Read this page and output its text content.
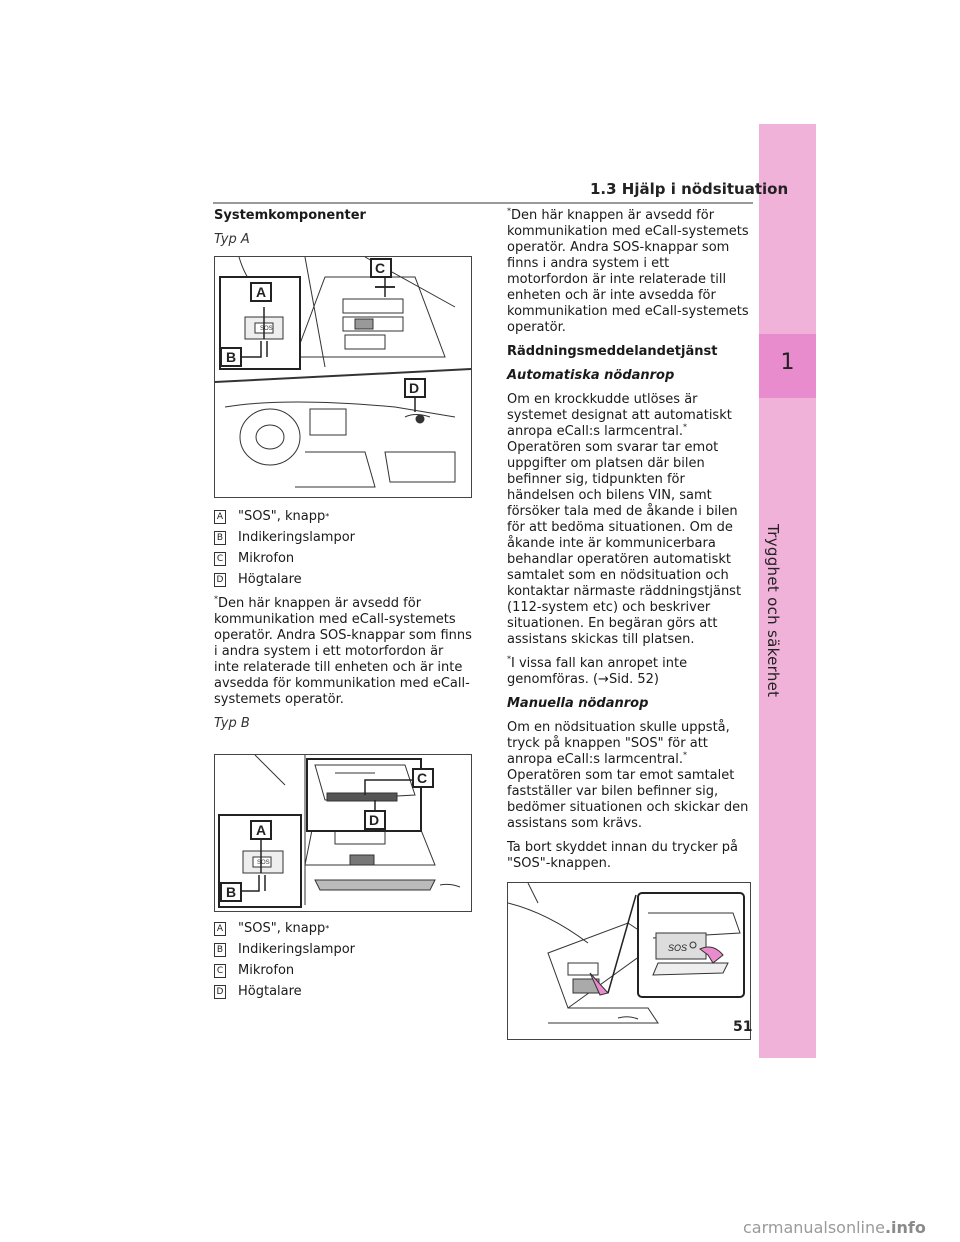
1
Trygghet och säkerhet
1.3 Hjälp i nödsituation
Systemkomponenter
Typ A
SOS
A
B
C
D
A "SOS", knapp *
B Indikeringslampor
C Mikrofon
D Högtalare

*Den här knappen är avsedd för kommunikation med eCall-systemets operatör. Andra SOS-knappar som finns i andra system i ett motorfordon är inte relaterade till enheten och är inte avsedda för kommunikation med eCall-systemets operatör.

Typ B
SOS
A
B
C
D
A "SOS", knapp *
B Indikeringslampor
C Mikrofon
D Högtalare

*Den här knappen är avsedd för kommunikation med eCall-systemets operatör. Andra SOS-knappar som finns i andra system i ett motorfordon är inte relaterade till enheten och är inte avsedda för kommunikation med eCall-systemets operatör.

Räddningsmeddelandetjänst
Automatiska nödanrop

Om en krockkudde utlöses är systemet designat att automatiskt anropa eCall:s larmcentral.* Operatören som svarar tar emot uppgifter om platsen där bilen befinner sig, tidpunkten för händelsen och bilens VIN, samt försöker tala med de åkande i bilen för att bedöma situationen. Om de åkande inte är kommunicerbara behandlar operatören automatiskt samtalet som en nödsituation och kontaktar närmaste räddningstjänst (112-system etc) och beskriver situationen. En begäran görs att assistans skickas till platsen.

*I vissa fall kan anropet inte genomföras. (→Sid. 52)

Manuella nödanrop

Om en nödsituation skulle uppstå, tryck på knappen "SOS" för att anropa eCall:s larmcentral.* Operatören som tar emot samtalet fastställer var bilen befinner sig, bedömer situationen och skickar den assistans som krävs.

Ta bort skyddet innan du trycker på "SOS"-knappen.

SOS
51
carmanualsonline.info
